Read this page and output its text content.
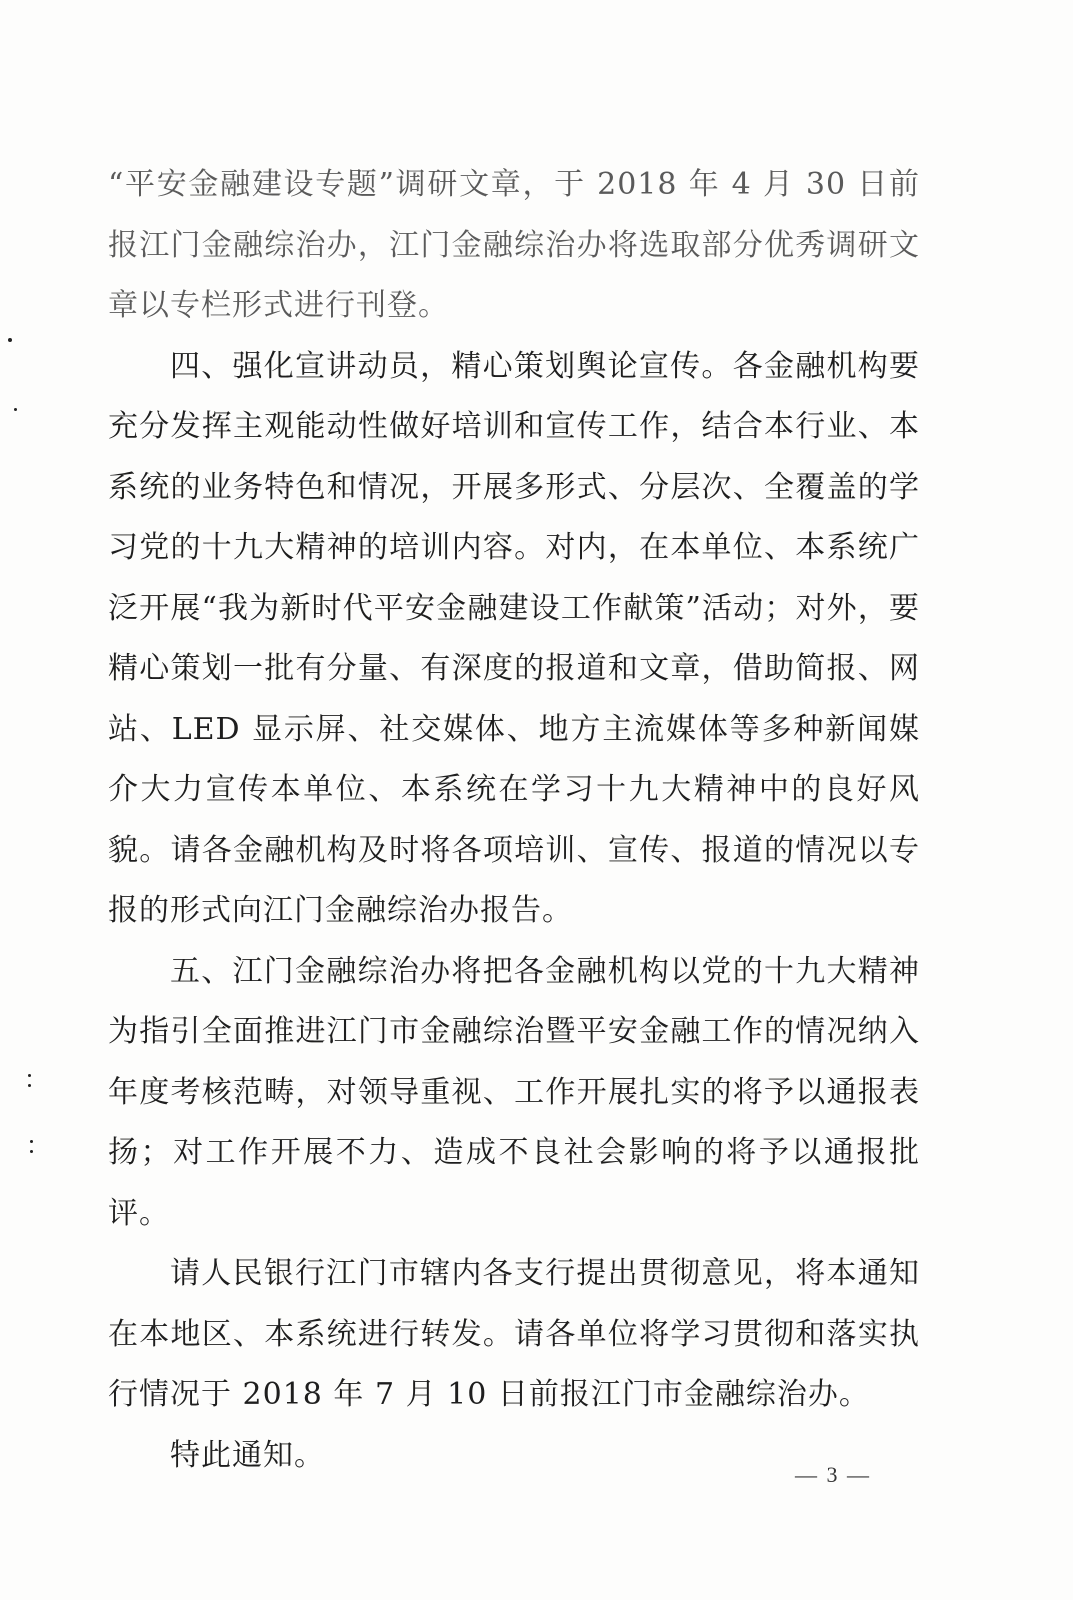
“平安金融建设专题”调研文章，于 2018 年 4 月 30 日前报江门金融综治办，江门金融综治办将选取部分优秀调研文章以专栏形式进行刊登。

四、强化宣讲动员，精心策划舆论宣传。各金融机构要充分发挥主观能动性做好培训和宣传工作，结合本行业、本系统的业务特色和情况，开展多形式、分层次、全覆盖的学习党的十九大精神的培训内容。对内，在本单位、本系统广泛开展“我为新时代平安金融建设工作献策”活动；对外，要精心策划一批有分量、有深度的报道和文章，借助简报、网站、LED 显示屏、社交媒体、地方主流媒体等多种新闻媒介大力宣传本单位、本系统在学习十九大精神中的良好风貌。请各金融机构及时将各项培训、宣传、报道的情况以专报的形式向江门金融综治办报告。

五、江门金融综治办将把各金融机构以党的十九大精神为指引全面推进江门市金融综治暨平安金融工作的情况纳入年度考核范畴，对领导重视、工作开展扎实的将予以通报表扬；对工作开展不力、造成不良社会影响的将予以通报批评。

请人民银行江门市辖内各支行提出贯彻意见，将本通知在本地区、本系统进行转发。请各单位将学习贯彻和落实执行情况于 2018 年 7 月 10 日前报江门市金融综治办。

特此通知。

— 3 —
